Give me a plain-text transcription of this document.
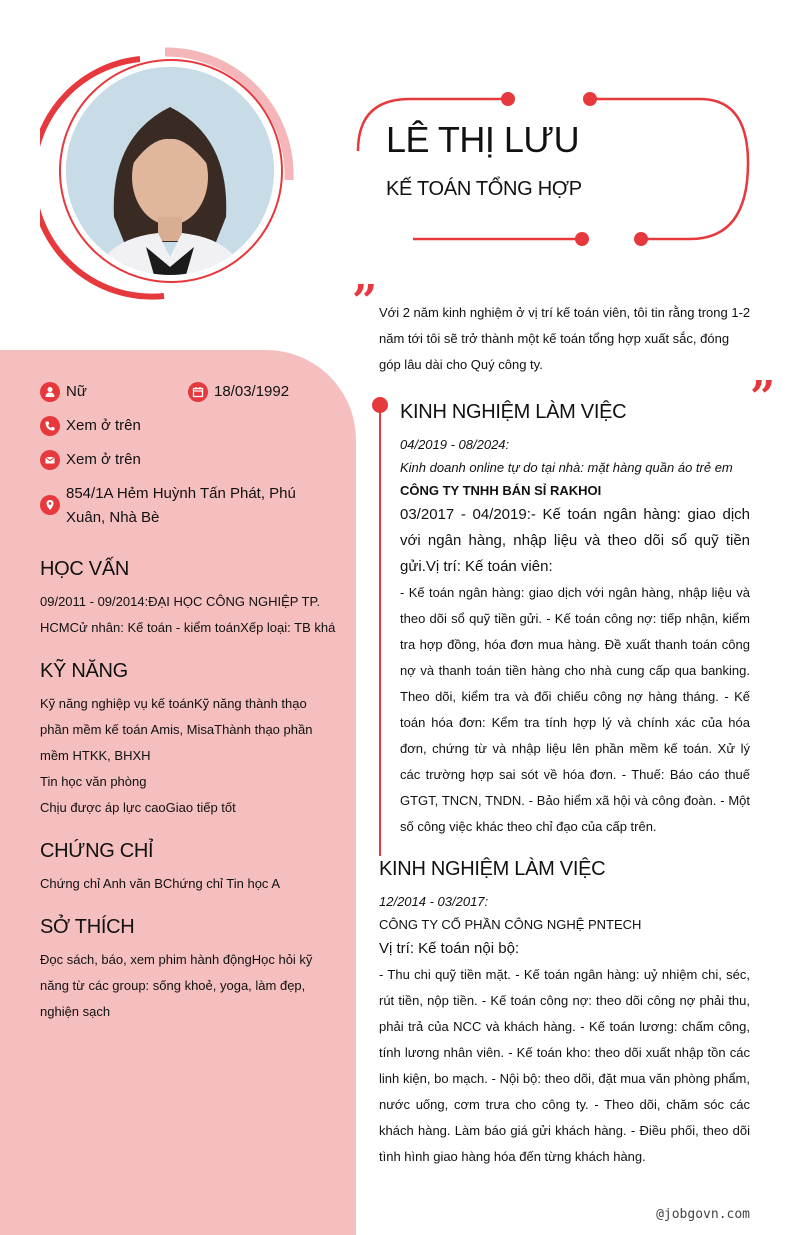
LÊ THỊ LƯU
KẾ TOÁN TỔNG HỢP
”
”
Với 2 năm kinh nghiệm ở vị trí kế toán viên, tôi tin rằng trong 1-2 năm tới tôi sẽ trở thành một kế toán tổng hợp xuất sắc, đóng góp lâu dài cho Quý công ty.
Nữ	18/03/1992
Xem ở trên
Xem ở trên
854/1A Hẻm Huỳnh Tấn Phát, Phú Xuân, Nhà Bè
HỌC VẤN
09/2011 - 09/2014:ĐẠI HỌC CÔNG NGHIỆP TP. HCMCử nhân: Kế toán - kiểm toánXếp loại: TB khá
KỸ NĂNG
Kỹ năng nghiệp vụ kế toánKỹ năng thành thạo phần mềm kế toán Amis, MisaThành thạo phần mềm HTKK, BHXH
Tin học văn phòng
Chịu được áp lực caoGiao tiếp tốt
CHỨNG CHỈ
Chứng chỉ Anh văn BChứng chỉ Tin học A
SỞ THÍCH
Đọc sách, báo, xem phim hành độngHọc hỏi kỹ năng từ các group: sống khoẻ, yoga, làm đẹp, nghiện sạch
KINH NGHIỆM LÀM VIỆC
04/2019 - 08/2024:
Kinh doanh online tự do tại nhà: mặt hàng quần áo trẻ em
CÔNG TY TNHH BÁN SỈ RAKHOI
03/2017 - 04/2019:- Kế toán ngân hàng: giao dịch với ngân hàng, nhập liệu và theo dõi sổ quỹ tiền gửi.Vị trí: Kế toán viên:
- Kế toán ngân hàng: giao dịch với ngân hàng, nhập liệu và theo dõi sổ quỹ tiền gửi. - Kế toán công nợ: tiếp nhận, kiểm tra hợp đồng, hóa đơn mua hàng. Đề xuất thanh toán công nợ và thanh toán tiền hàng cho nhà cung cấp qua banking. Theo dõi, kiểm tra và đối chiếu công nợ hàng tháng. - Kế toán hóa đơn: Kểm tra tính hợp lý và chính xác của hóa đơn, chứng từ và nhập liệu lên phần mềm kế toán. Xử lý các trường hợp sai sót về hóa đơn. - Thuế: Báo cáo thuế GTGT, TNCN, TNDN. - Bảo hiểm xã hội và công đoàn. - Một số công việc khác theo chỉ đạo của cấp trên.
KINH NGHIỆM LÀM VIỆC
12/2014 - 03/2017:
CÔNG TY CỔ PHẦN CÔNG NGHỆ PNTECH
Vị trí: Kế toán nội bộ:
- Thu chi quỹ tiền mặt. - Kế toán ngân hàng: uỷ nhiệm chi, séc, rút tiền, nộp tiền. - Kế toán công nợ: theo dõi công nợ phải thu, phải trả của NCC và khách hàng. - Kế toán lương: chấm công, tính lương nhân viên. - Kế toán kho: theo dõi xuất nhập tồn các linh kiện, bo mạch. - Nội bộ: theo dõi, đặt mua văn phòng phẩm, nước uống, cơm trưa cho công ty. - Theo dõi, chăm sóc các khách hàng. Làm báo giá gửi khách hàng. - Điều phối, theo dõi tình hình giao hàng hóa đến từng khách hàng.
@jobgovn.com
